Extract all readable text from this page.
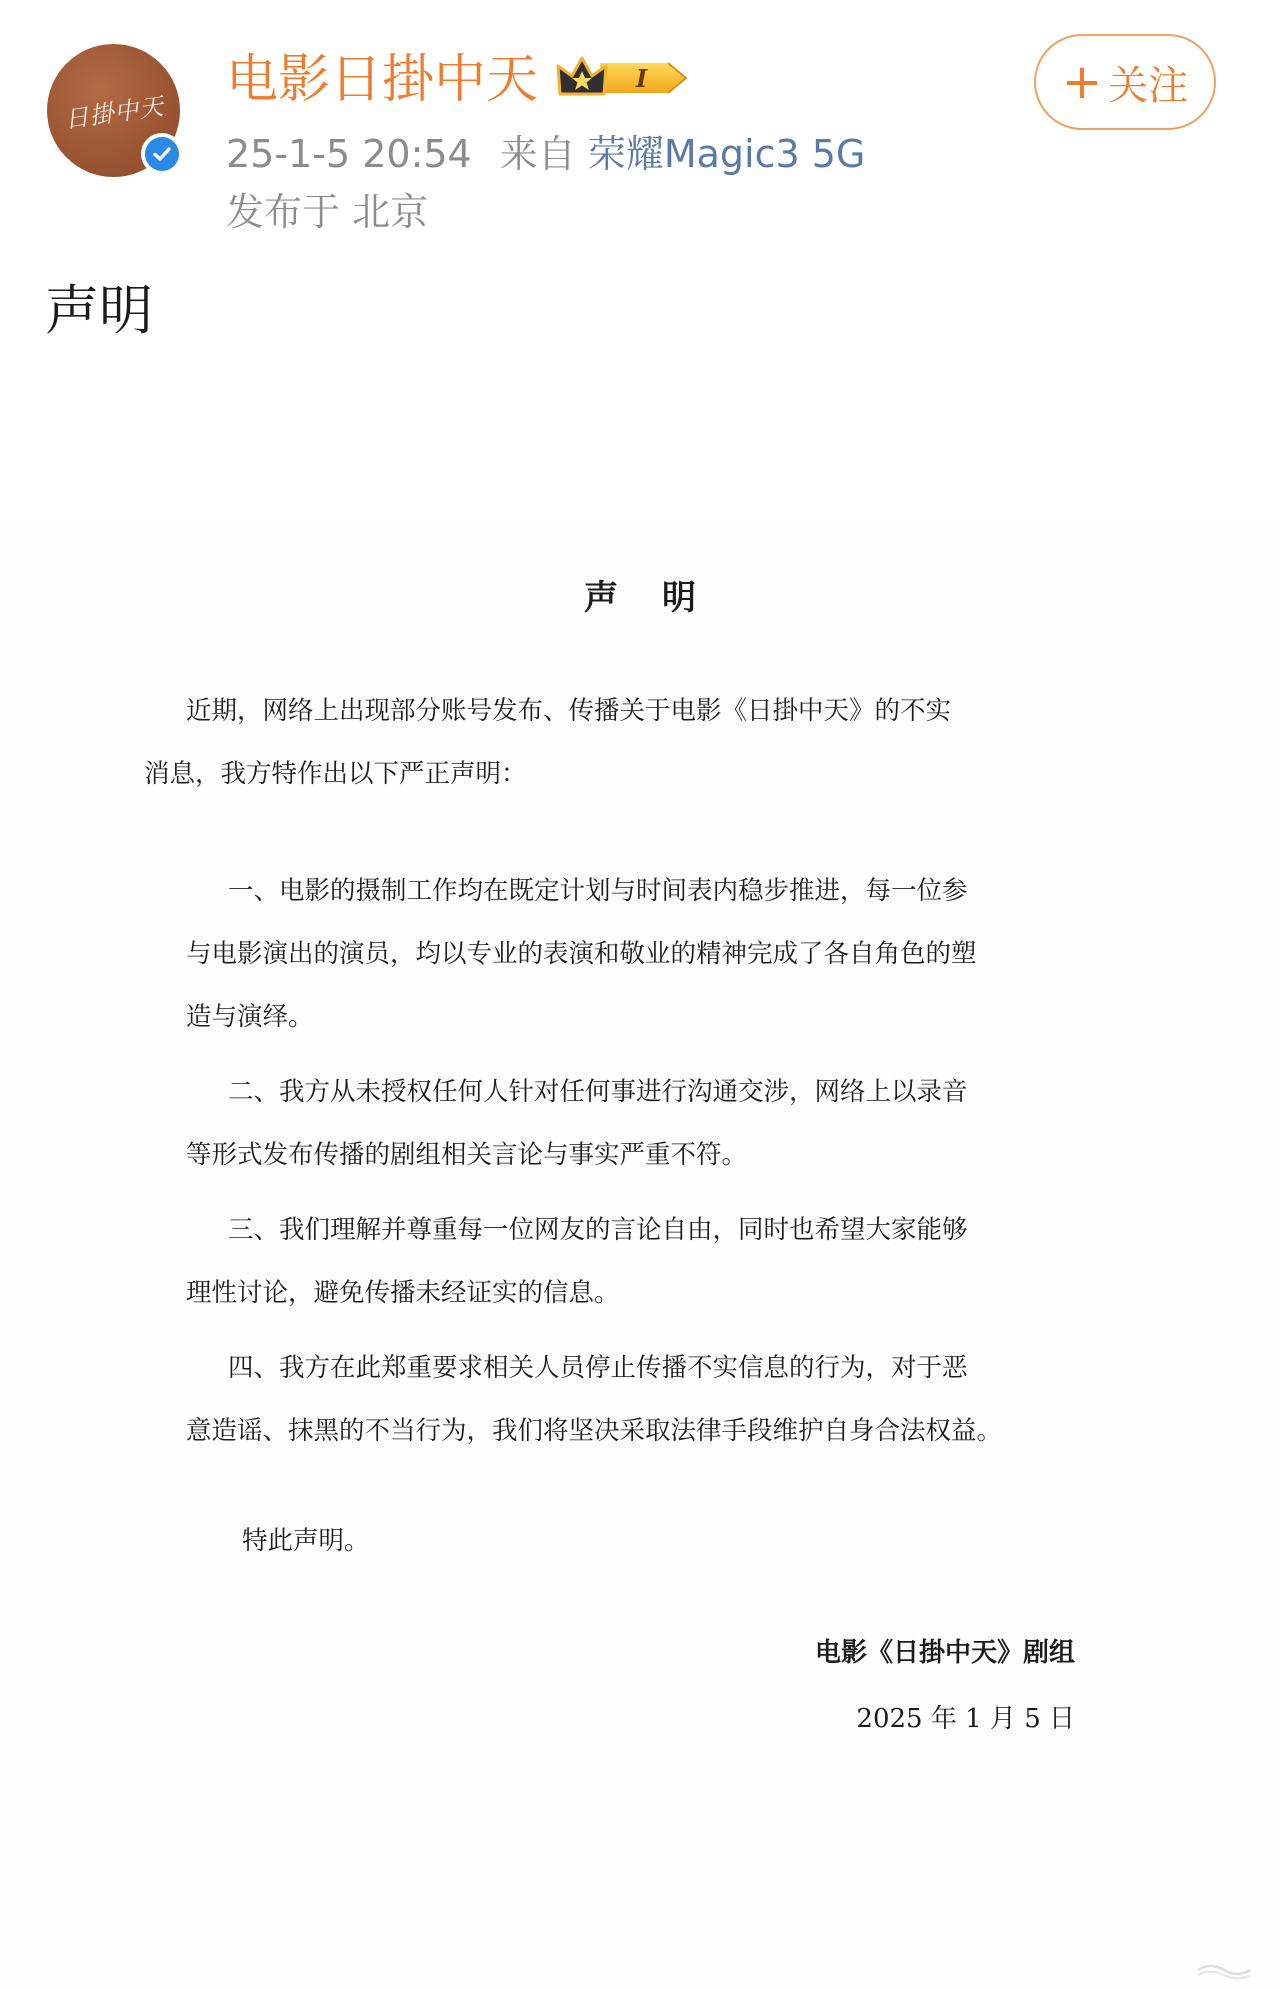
日掛中天
电影日掛中天	I
25-1-5 20:54 来自 荣耀Magic3 5G
发布于 北京
+ 关注
声明
声明
近期，网络上出现部分账号发布、传播关于电影《日掛中天》的不实
消息，我方特作出以下严正声明：
一、电影的摄制工作均在既定计划与时间表内稳步推进，每一位参
与电影演出的演员，均以专业的表演和敬业的精神完成了各自角色的塑
造与演绎。
二、我方从未授权任何人针对任何事进行沟通交涉，网络上以录音
等形式发布传播的剧组相关言论与事实严重不符。
三、我们理解并尊重每一位网友的言论自由，同时也希望大家能够
理性讨论，避免传播未经证实的信息。
四、我方在此郑重要求相关人员停止传播不实信息的行为，对于恶
意造谣、抹黑的不当行为，我们将坚决采取法律手段维护自身合法权益。
特此声明。
电影《日掛中天》剧组
2025 年 1 月 5 日
